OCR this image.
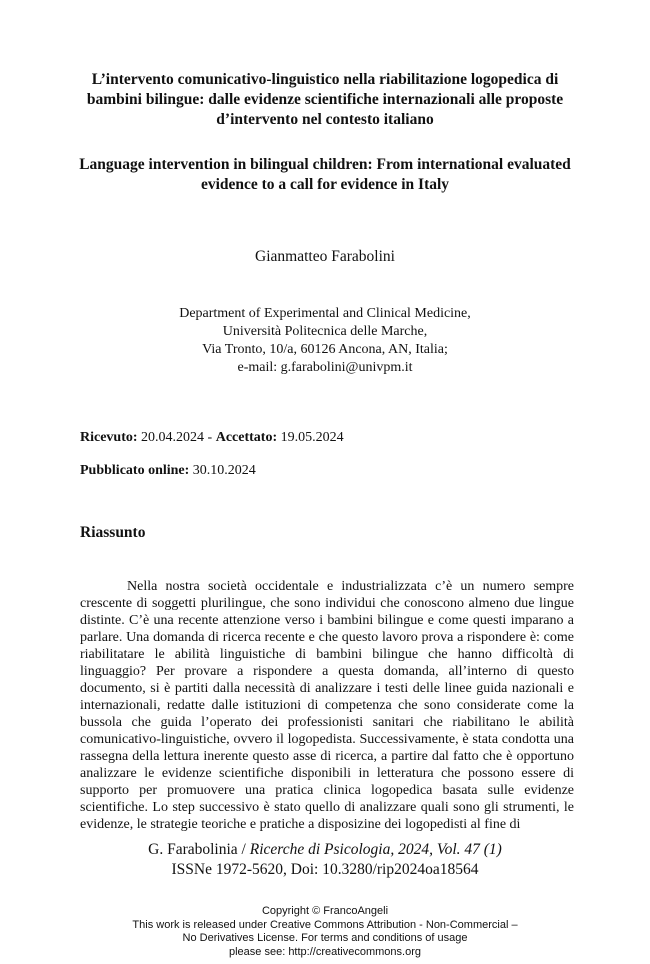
L’intervento comunicativo-linguistico nella riabilitazione logopedica di bambini bilingue: dalle evidenze scientifiche internazionali alle proposte d’intervento nel contesto italiano
Language intervention in bilingual children: From international evaluated evidence to a call for evidence in Italy
Gianmatteo Farabolini
Department of Experimental and Clinical Medicine,
Università Politecnica delle Marche,
Via Tronto, 10/a, 60126 Ancona, AN, Italia;
e-mail: g.farabolini@univpm.it
Ricevuto: 20.04.2024 - Accettato: 19.05.2024
Pubblicato online: 30.10.2024
Riassunto

Nella nostra società occidentale e industrializzata c’è un numero sempre crescente di soggetti plurilingue, che sono individui che conoscono almeno due lingue distinte. C’è una recente attenzione verso i bambini bilingue e come questi imparano a parlare. Una domanda di ricerca recente e che questo lavoro prova a rispondere è: come riabilitatare le abilità linguistiche di bambini bilingue che hanno difficoltà di linguaggio? Per provare a rispondere a questa domanda, all’interno di questo documento, si è partiti dalla necessità di analizzare i testi delle linee guida nazionali e internazionali, redatte dalle istituzioni di competenza che sono considerate come la bussola che guida l’operato dei professionisti sanitari che riabilitano le abilità comunicativo-linguistiche, ovvero il logopedista. Successivamente, è stata condotta una rassegna della lettura inerente questo asse di ricerca, a partire dal fatto che è opportuno analizzare le evidenze scientifiche disponibili in letteratura che possono essere di supporto per promuovere una pratica clinica logopedica basata sulle evidenze scientifiche. Lo step successivo è stato quello di analizzare quali sono gli strumenti, le evidenze, le strategie teoriche e pratiche a disposizine dei logopedisti al fine di

G. Farabolinia / Ricerche di Psicologia, 2024, Vol. 47 (1)
ISSNe 1972-5620, Doi: 10.3280/rip2024oa18564
Copyright © FrancoAngeli
This work is released under Creative Commons Attribution - Non-Commercial –
No Derivatives License. For terms and conditions of usage
please see: http://creativecommons.org
